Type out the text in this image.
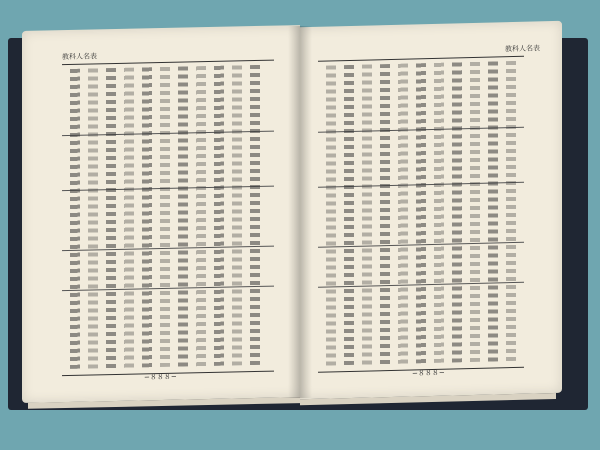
教科人名表
−８８８−
教科人名表
−８８８−
